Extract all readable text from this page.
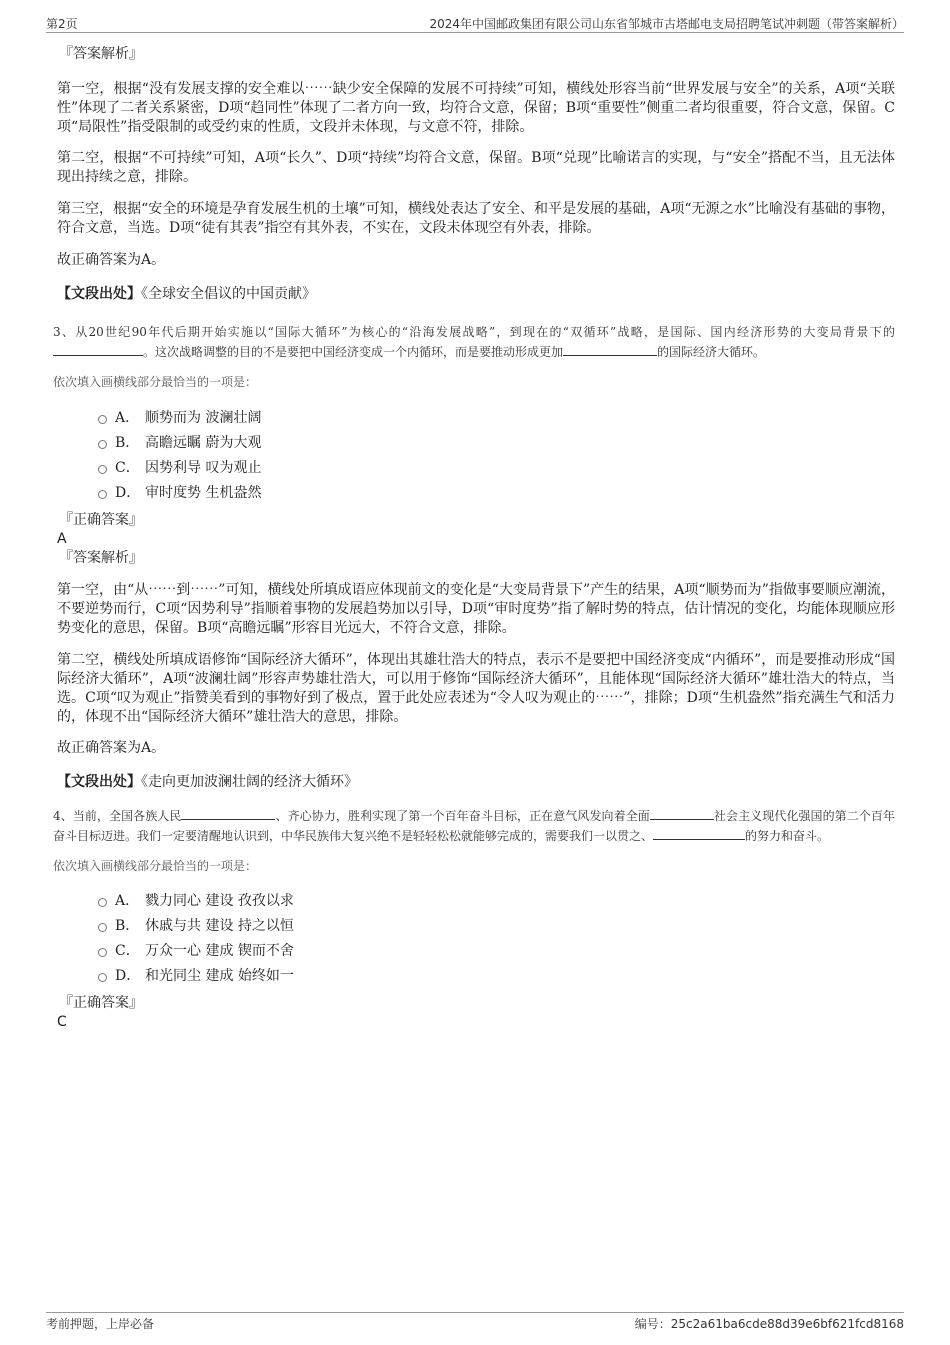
第2页	2024年中国邮政集团有限公司山东省邹城市古塔邮电支局招聘笔试冲刺题（带答案解析）
『答案解析』

第一空，根据“没有发展支撑的安全难以⋯⋯缺少安全保障的发展不可持续”可知，横线处形容当前“世界发展与安全”的关系，A项“关联性”体现了二者关系紧密，D项“趋同性”体现了二者方向一致，均符合文意，保留；B项“重要性”侧重二者均很重要，符合文意，保留。C项“局限性”指受限制的或受约束的性质，文段并未体现，与文意不符，排除。

第二空，根据“不可持续”可知，A项“长久”、D项“持续”均符合文意，保留。B项“兑现”比喻诺言的实现，与“安全”搭配不当，且无法体现出持续之意，排除。

第三空，根据“安全的环境是孕育发展生机的土壤”可知，横线处表达了安全、和平是发展的基础，A项“无源之水”比喻没有基础的事物，符合文意，当选。D项“徒有其表”指空有其外表，不实在，文段未体现空有外表，排除。

故正确答案为A。

【文段出处】《全球安全倡议的中国贡献》

3、从20世纪90年代后期开始实施以“国际大循环”为核心的“沿海发展战略”，到现在的“双循环”战略，是国际、国内经济形势的大变局背景下的。这次战略调整的目的不是要把中国经济变成一个内循环，而是要推动形成更加	的国际经济大循环。

依次填入画横线部分最恰当的一项是：

A． 顺势而为 波澜壮阔
B． 高瞻远瞩 蔚为大观
C． 因势利导 叹为观止
D． 审时度势 生机盎然
『正确答案』

A

『答案解析』

第一空，由“从⋯⋯到⋯⋯”可知，横线处所填成语应体现前文的变化是“大变局背景下”产生的结果，A项“顺势而为”指做事要顺应潮流，不要逆势而行，C项“因势利导”指顺着事物的发展趋势加以引导，D项“审时度势”指了解时势的特点，估计情况的变化，均能体现顺应形势变化的意思，保留。B项“高瞻远瞩”形容目光远大，不符合文意，排除。

第二空，横线处所填成语修饰“国际经济大循环”，体现出其雄壮浩大的特点，表示不是要把中国经济变成“内循环”，而是要推动形成“国际经济大循环”，A项“波澜壮阔”形容声势雄壮浩大，可以用于修饰“国际经济大循环”，且能体现“国际经济大循环”雄壮浩大的特点，当选。C项“叹为观止”指赞美看到的事物好到了极点，置于此处应表述为“令人叹为观止的⋯⋯”，排除；D项“生机盎然”指充满生气和活力的，体现不出“国际经济大循环”雄壮浩大的意思，排除。

故正确答案为A。

【文段出处】《走向更加波澜壮阔的经济大循环》

4、当前，全国各族人民	、齐心协力，胜利实现了第一个百年奋斗目标，正在意气风发向着全面	社会主义现代化强国的第二个百年奋斗目标迈进。我们一定要清醒地认识到，中华民族伟大复兴绝不是轻轻松松就能够完成的，需要我们一以贯之、	的努力和奋斗。

依次填入画横线部分最恰当的一项是：

A． 戮力同心 建设 孜孜以求
B． 休戚与共 建设 持之以恒
C． 万众一心 建成 锲而不舍
D． 和光同尘 建成 始终如一
『正确答案』

C

考前押题，上岸必备	编号：25c2a61ba6cde88d39e6bf621fcd8168
